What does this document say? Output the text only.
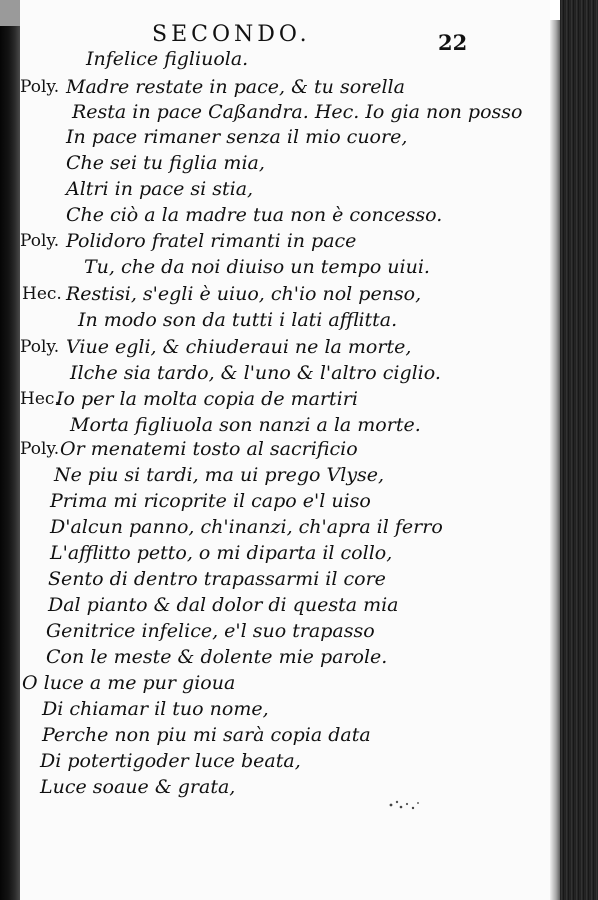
SECONDO.	22
Infelice figliuola.
Poly. Madre restate in pace, & tu sorella
Resta in pace Caßandra. Hec. Io gia non posso
In pace rimaner senza il mio cuore,
Che sei tu figlia mia,
Altri in pace si stia,
Che ciò a la madre tua non è concesso.
Poly. Polidoro fratel rimanti in pace
Tu, che da noi diuiso un tempo uiui.
Hec. Restisi, s'egli è uiuo, ch'io nol penso,
In modo son da tutti i lati afflitta.
Poly. Viue egli, & chiuderaui ne la morte,
Ilche sia tardo, & l'uno & l'altro ciglio.
Hec.
Io per la molta copia de martiri
Morta figliuola son nanzi a la morte.
Poly. Or menatemi tosto al sacrificio
Ne piu si tardi, ma ui prego Vlyse,
Prima mi ricoprite il capo e'l uiso
D'alcun panno, ch'inanzi, ch'apra il ferro
L'afflitto petto, o mi diparta il collo,
Sento di dentro trapassarmi il core
Dal pianto & dal dolor di questa mia
Genitrice infelice, e'l suo trapasso
Con le meste & dolente mie parole.
O luce a me pur gioua
Di chiamar il tuo nome,
Perche non piu mi sarà copia data
Di potertigoder luce beata,
Luce soaue & grata,
